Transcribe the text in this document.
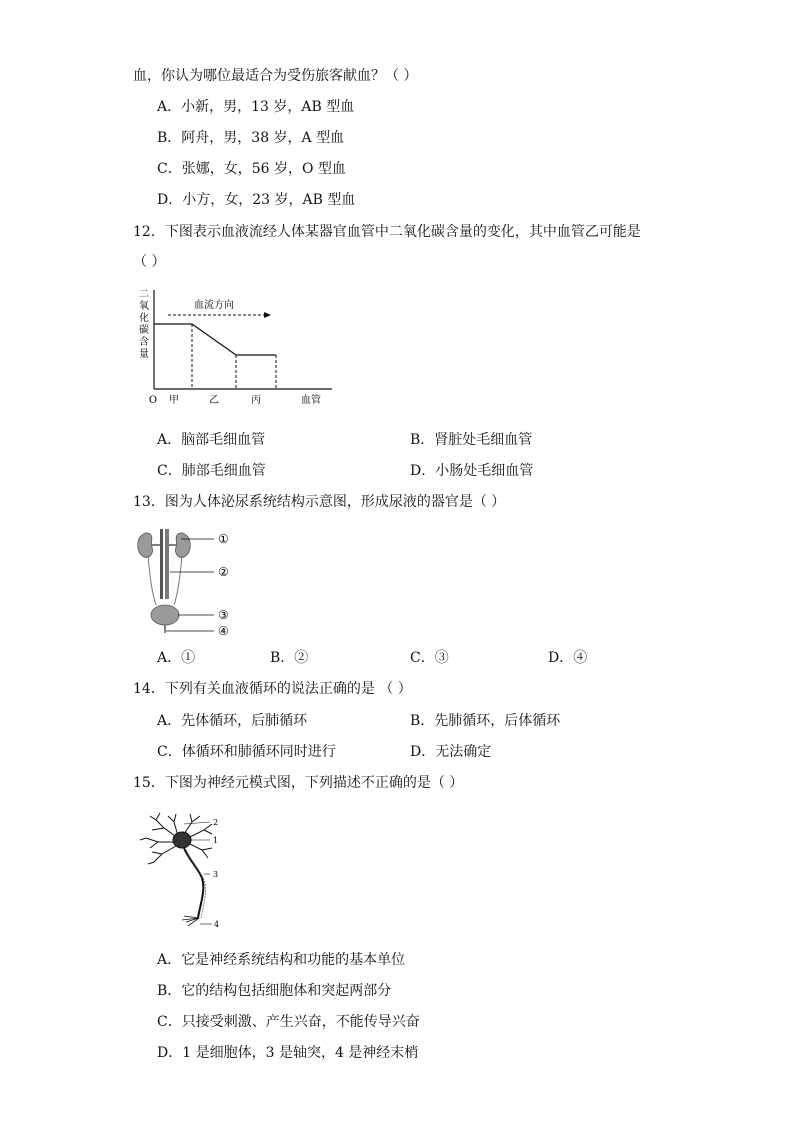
血，你认为哪位最适合为受伤旅客献血？（ ）
A．小新，男，13 岁，AB 型血
B．阿舟，男，38 岁，A 型血
C．张娜，女，56 岁，O 型血
D．小方，女，23 岁，AB 型血
12．下图表示血液流经人体某器官血管中二氧化碳含量的变化，其中血管乙可能是
（ ）
二
氧
化
碳
含
量
血流方向
O 甲	乙	丙	血管
A．脑部毛细血管	B．肾脏处毛细血管
C．肺部毛细血管	D．小肠处毛细血管
13．图为人体泌尿系统结构示意图，形成尿液的器官是（ ）
①
②
③
④
A．①	B．②	C．③	D．④
14．下列有关血液循环的说法正确的是 （ ）
A．先体循环，后肺循环	B．先肺循环，后体循环
C．体循环和肺循环同时进行	D．无法确定
15．下图为神经元模式图，下列描述不正确的是（ ）
2
1
3
4
A．它是神经系统结构和功能的基本单位
B．它的结构包括细胞体和突起两部分
C．只接受刺激、产生兴奋，不能传导兴奋
D．1 是细胞体，3 是轴突，4 是神经末梢
